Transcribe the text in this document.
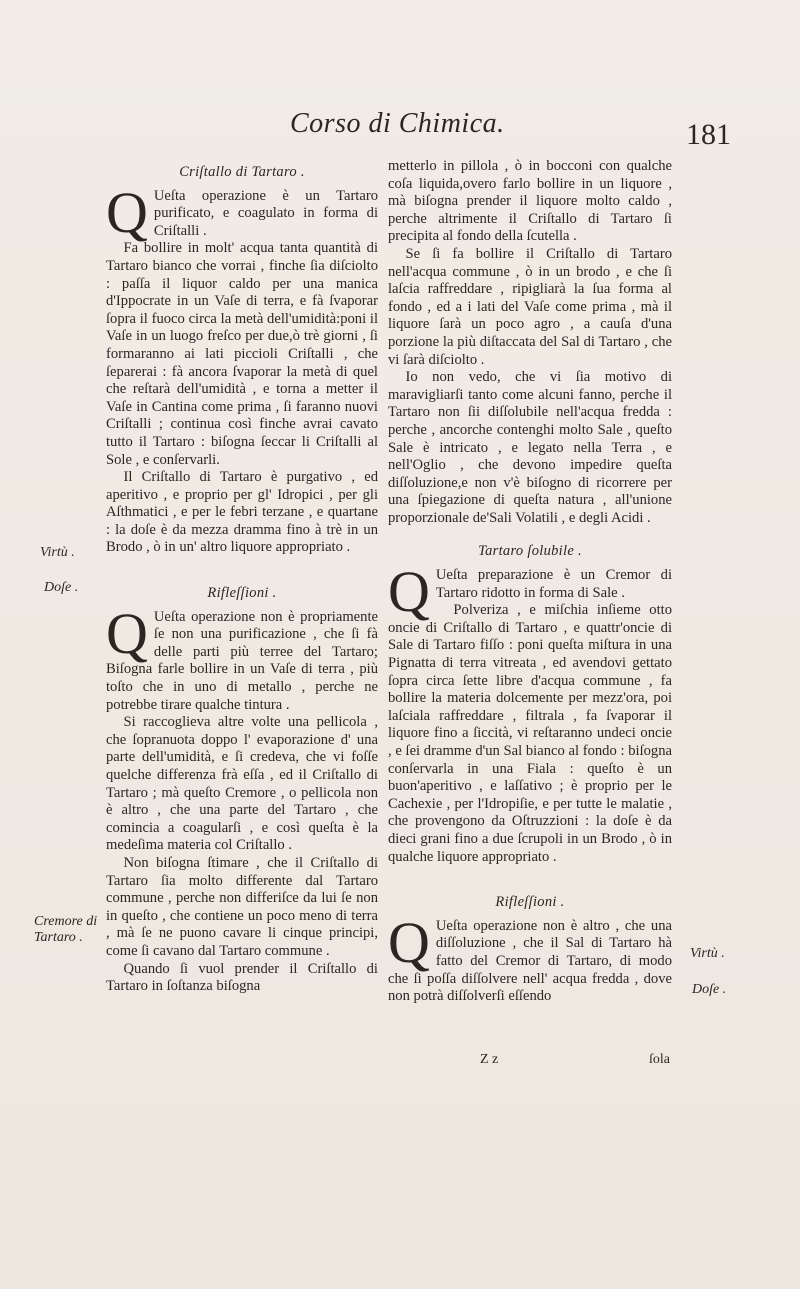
Corso di Chimica.	181
Criſtallo di Tartaro .

Q Ueſta operazione è un Tartaro purificato, e coagulato in forma di Criſtalli .

Fa bollire in molt' acqua tanta quantità di Tartaro bianco che vorrai , finche ſia diſciolto : paſſa il liquor caldo per una manica d'Ippocrate in un Vaſe di terra, e fà ſvaporar ſopra il fuoco circa la metà dell'umidità:poni il Vaſe in un luogo freſco per due,ò trè giorni , ſi formaranno ai lati piccioli Criſtalli , che ſeparerai : fà ancora ſvaporar la metà di quel che reſtarà dell'umidità , e torna a metter il Vaſe in Cantina come prima , ſi faranno nuovi Criſtalli ; continua così finche avrai cavato tutto il Tartaro : biſogna ſeccar li Criſtalli al Sole , e conſervarli.

Il Criſtallo di Tartaro è purgativo , ed aperitivo , e proprio per gl' Idropici , per gli Aſthmatici , e per le febri terzane , e quartane : la doſe è da mezza dramma fino à trè in un Brodo , ò in un' altro liquore appropriato .

Rifleſſioni .

Q Ueſta operazione non è propriamente ſe non una purificazione , che ſi fà delle parti più terree del Tartaro; Biſogna farle bollire in un Vaſe di terra , più toſto che in uno di metallo , perche ne potrebbe tirare qualche tintura .

Si raccoglieva altre volte una pellicola , che ſopranuota doppo l' evaporazione d' una parte dell'umidità, e ſi credeva, che vi foſſe quelche differenza frà eſſa , ed il Criſtallo di Tartaro ; mà queſto Cremore , o pellicola non è altro , che una parte del Tartaro , che comincia a coagularſi , e così queſta è la medeſima materia col Criſtallo .

Non biſogna ſtimare , che il Criſtallo di Tartaro ſia molto differente dal Tartaro commune , perche non differiſce da lui ſe non in queſto , che contiene un poco meno di terra , mà ſe ne puono cavare li cinque principi, come ſi cavano dal Tartaro commune .

Quando ſi vuol prender il Criſtallo di Tartaro in ſoſtanza biſogna

metterlo in pillola , ò in bocconi con qualche coſa liquida,overo farlo bollire in un liquore , mà biſogna prender il liquore molto caldo , perche altrimente il Criſtallo di Tartaro ſi precipita al fondo della ſcutella .

Se ſi fa bollire il Criſtallo di Tartaro nell'acqua commune , ò in un brodo , e che ſi laſcia raffreddare , ripigliarà la ſua forma al fondo , ed a i lati del Vaſe come prima , mà il liquore ſarà un poco agro , a cauſa d'una porzione la più diſtaccata del Sal di Tartaro , che vi ſarà diſciolto .

Io non vedo, che vi ſia motivo di maravigliarſi tanto come alcuni fanno, perche il Tartaro non ſii diſſolubile nell'acqua fredda : perche , ancorche contenghi molto Sale , queſto Sale è intricato , e legato nella Terra , e nell'Oglio , che devono impedire queſta diſſoluzione,e non v'è biſogno di ricorrere per una ſpiegazione di queſta natura , all'unione proporzionale de'Sali Volatili , e degli Acidi .

Tartaro ſolubile .

Q Ueſta preparazione è un Cremor di Tartaro ridotto in forma di Sale .

Polveriza , e miſchia inſieme otto oncie di Criſtallo di Tartaro , e quattr'oncie di Sale di Tartaro fiſſo : poni queſta miſtura in una Pignatta di terra vitreata , ed avendovi gettato ſopra circa ſette libre d'acqua commune , fa bollire la materia dolcemente per mezz'ora, poi laſciala raffreddare , filtrala , fa ſvaporar il liquore fino a ſiccità, vi reſtaranno undeci oncie , e ſei dramme d'un Sal bianco al fondo : biſogna conſervarla in una Fiala : queſto è un buon'aperitivo , e laſſativo ; è proprio per le Cachexie , per l'Idropiſie, e per tutte le malatie , che provengono da Oſtruzzioni : la doſe è da dieci grani fino a due ſcrupoli in un Brodo , ò in qualche liquore appropriato .

Rifleſſioni .

Q Ueſta operazione non è altro , che una diſſoluzione , che il Sal di Tartaro hà fatto del Cremor di Tartaro, di modo che ſi poſſa diſſolvere nell' acqua fredda , dove non potrà diſſolverſi eſſendo

Virtù .
Doſe .
Cremore di Tartaro .
Virtù .
Doſe .
Z z	ſola
